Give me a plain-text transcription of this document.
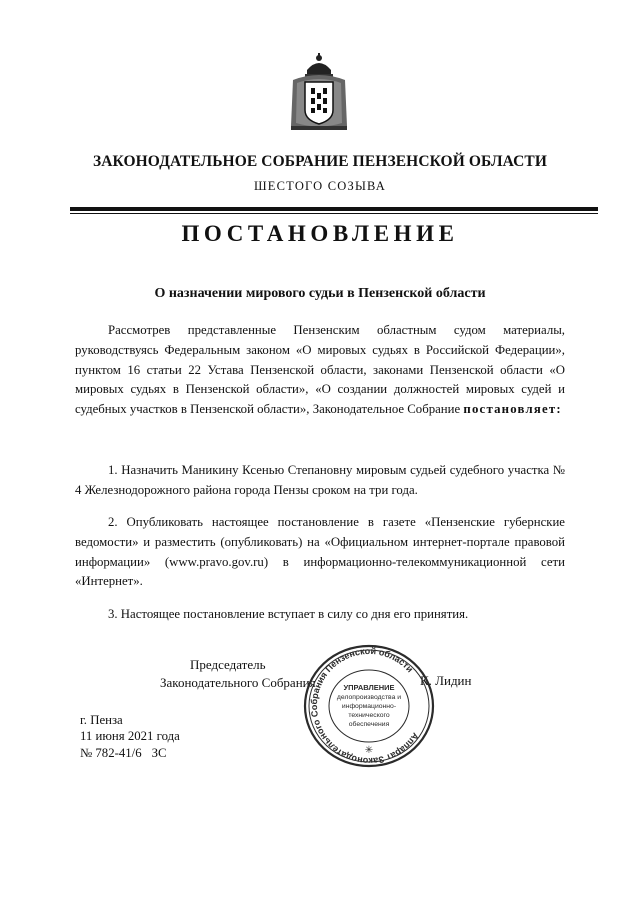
ЗАКОНОДАТЕЛЬНОЕ СОБРАНИЕ ПЕНЗЕНСКОЙ ОБЛАСТИ
ШЕСТОГО СОЗЫВА
ПОСТАНОВЛЕНИЕ
О назначении мирового судьи в Пензенской области
Рассмотрев представленные Пензенским областным судом материалы, руководствуясь Федеральным законом «О мировых судьях в Российской Федерации», пунктом 16 статьи 22 Устава Пензенской области, законами Пензенской области «О мировых судьях в Пензенской области», «О создании должностей мировых судей и судебных участков в Пензенской области», Законодательное Собрание постановляет:
1. Назначить Маникину Ксенью Степановну мировым судьей судебного участка № 4 Железнодорожного района города Пензы сроком на три года.
2. Опубликовать настоящее постановление в газете «Пензенские губернские ведомости» и разместить (опубликовать) на «Официальном интернет-портале правовой информации» (www.pravo.gov.ru) в информационно-телекоммуникационной сети «Интернет».
3. Настоящее постановление вступает в силу со дня его принятия.
Председатель
Законодательного Собрания	К. Лидин
Аппарат Законодательного Собрания Пензенской области
УПРАВЛЕНИЕ
делопроизводства и
информационно-
технического
обеспечения
✳
г. Пенза
11 июня 2021 года
№ 782-41/6 ЗС
